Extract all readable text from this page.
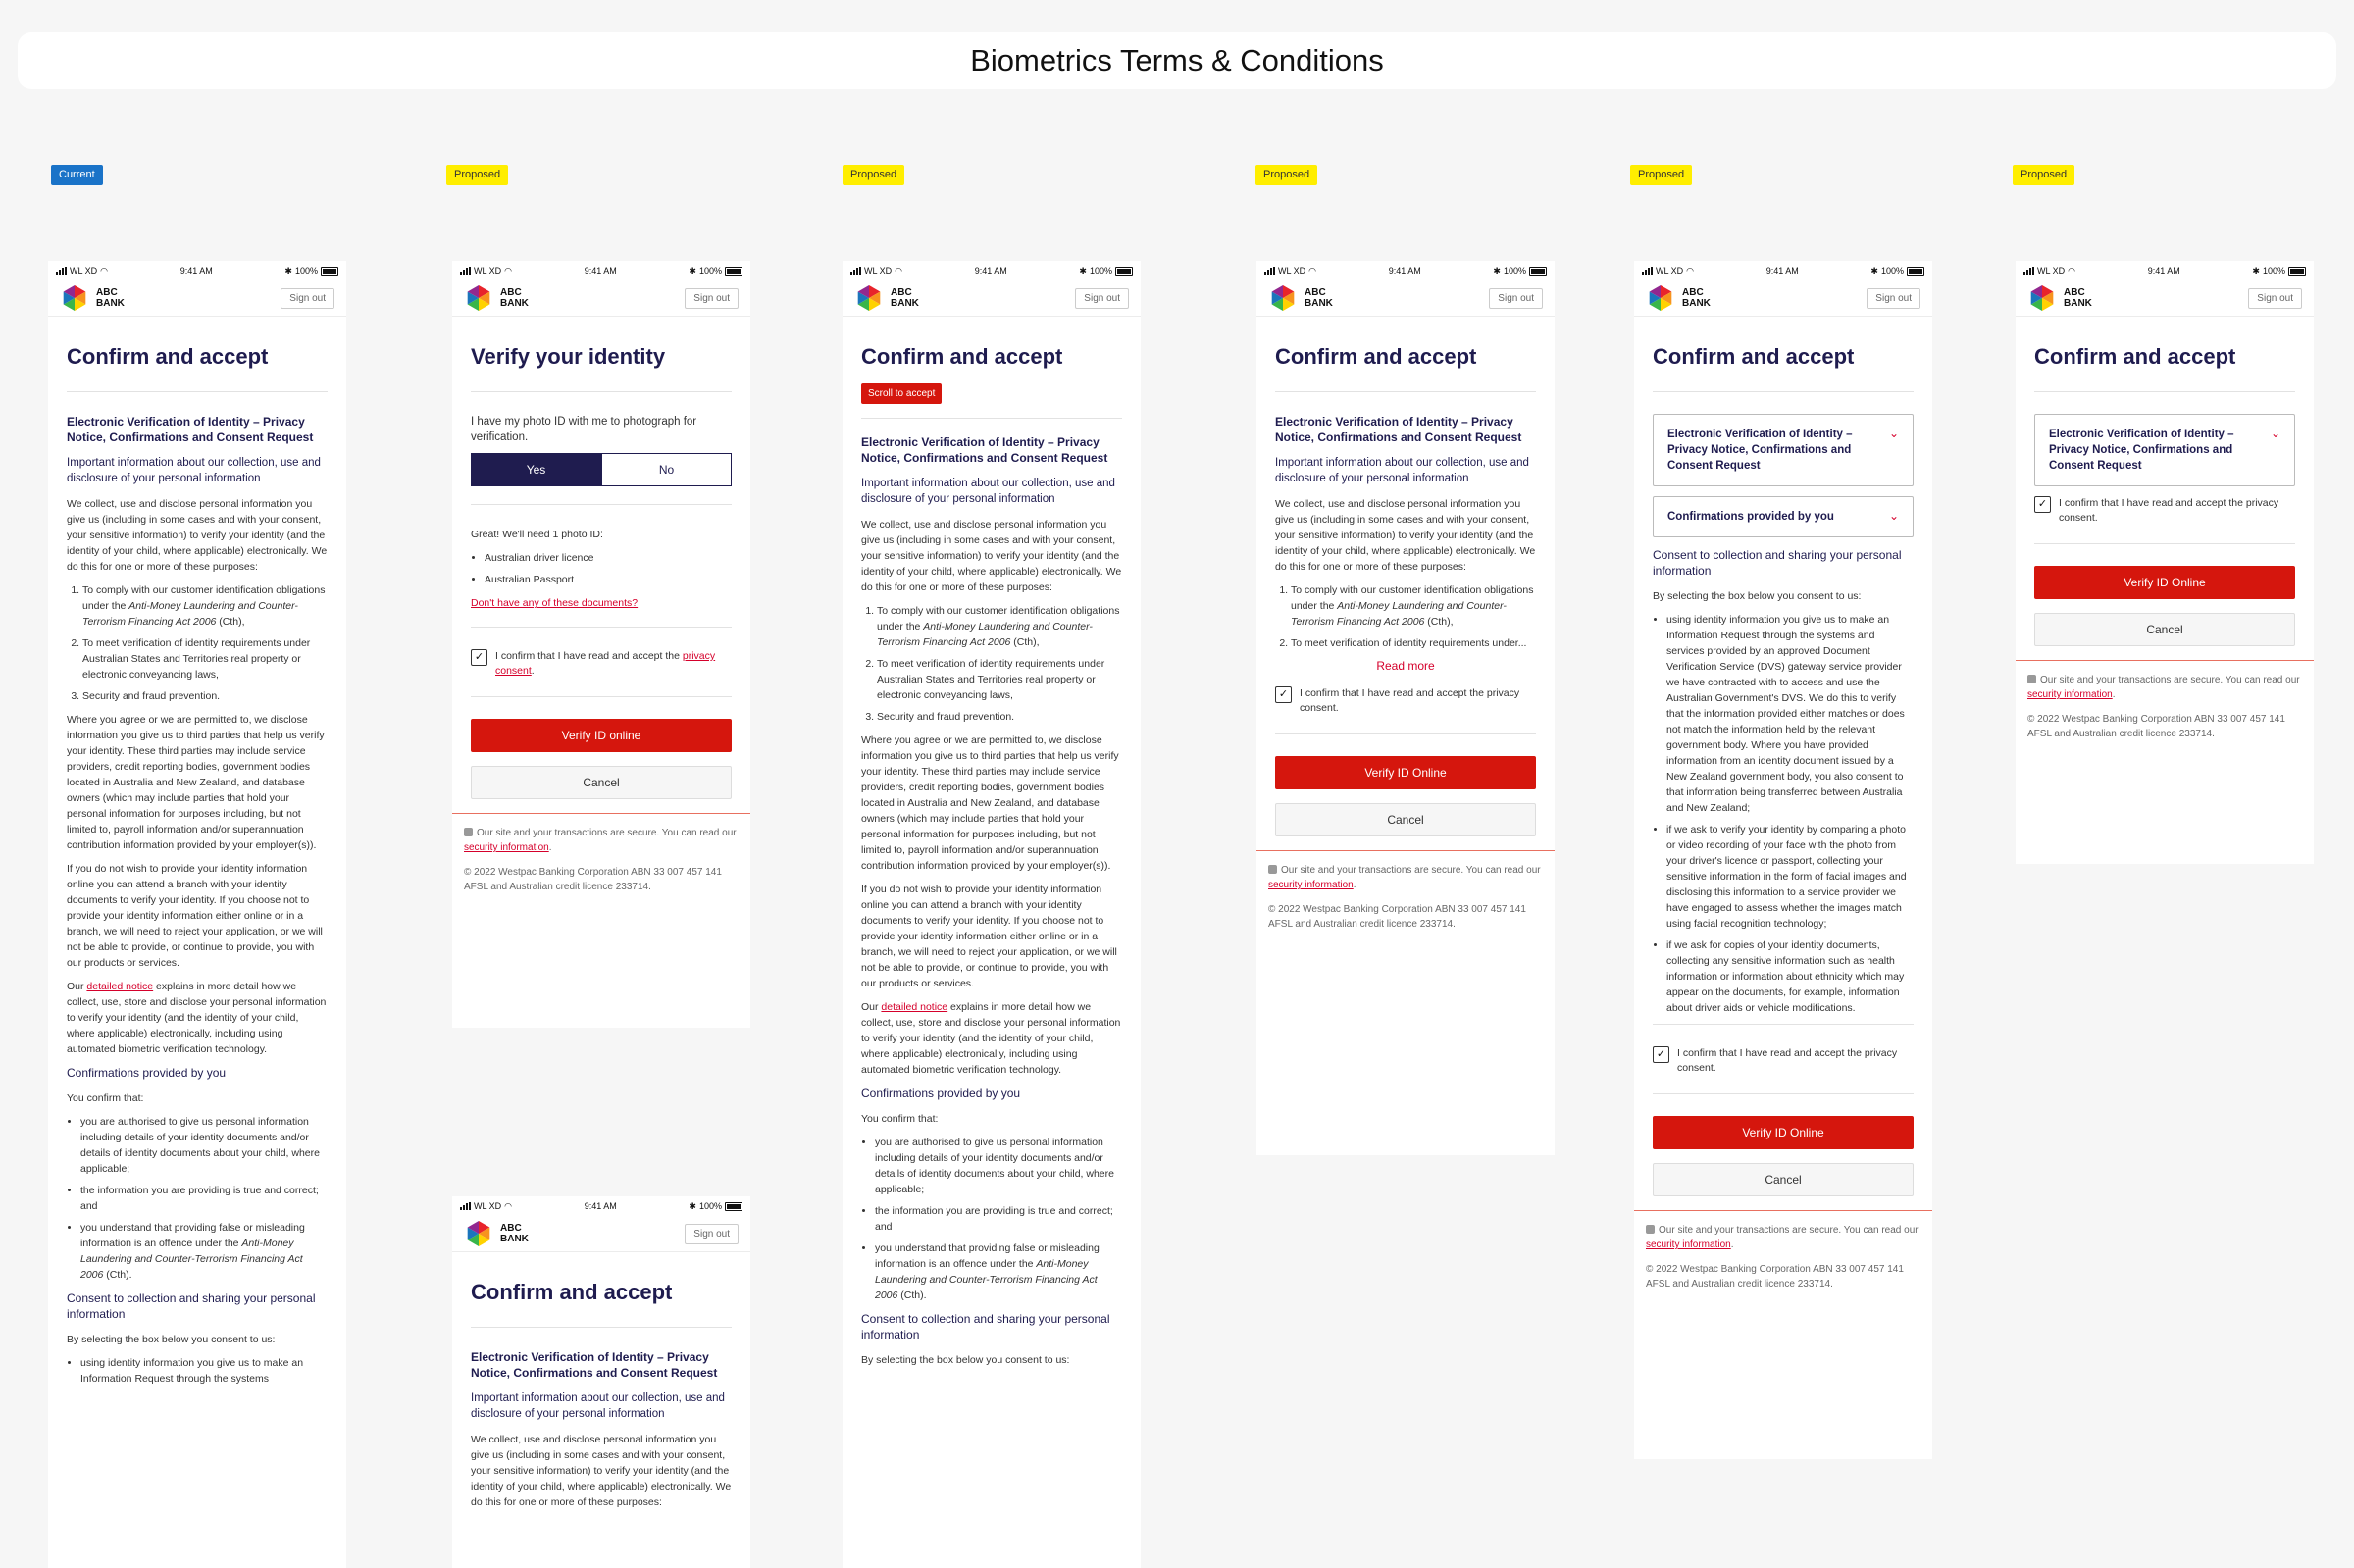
Biometrics Terms & Conditions
Current	Proposed	Proposed	Proposed	Proposed	Proposed
WL XD ◠	9:41 AM	✱ 100%
ABC
BANK	Sign out
Confirm and accept
Electronic Verification of Identity – Privacy Notice, Confirmations and Consent Request
Important information about our collection, use and disclosure of your personal information
We collect, use and disclose personal information you give us (including in some cases and with your consent, your sensitive information) to verify your identity (and the identity of your child, where applicable) electronically. We do this for one or more of these purposes:
1. To comply with our customer identification obligations under the Anti-Money Laundering and Counter-Terrorism Financing Act 2006 (Cth),
2. To meet verification of identity requirements under Australian States and Territories real property or electronic conveyancing laws,
3. Security and fraud prevention.
Where you agree or we are permitted to, we disclose information you give us to third parties that help us verify your identity. These third parties may include service providers, credit reporting bodies, government bodies located in Australia and New Zealand, and database owners (which may include parties that hold your personal information for purposes including, but not limited to, payroll information and/or superannuation contribution information provided by your employer(s)).
If you do not wish to provide your identity information online you can attend a branch with your identity documents to verify your identity. If you choose not to provide your identity information either online or in a branch, we will need to reject your application, or we will not be able to provide, or continue to provide, you with our products or services.
Our detailed notice explains in more detail how we collect, use, store and disclose your personal information to verify your identity (and the identity of your child, where applicable) electronically, including using automated biometric verification technology.
Confirmations provided by you
You confirm that:
• you are authorised to give us personal information including details of your identity documents and/or details of identity documents about your child, where applicable;
• the information you are providing is true and correct; and
• you understand that providing false or misleading information is an offence under the Anti-Money Laundering and Counter-Terrorism Financing Act 2006 (Cth).
Consent to collection and sharing your personal information
By selecting the box below you consent to us:
• using identity information you give us to make an Information Request through the systems
WL XD ◠	9:41 AM	✱ 100%
ABC
BANK	Sign out
Verify your identity
I have my photo ID with me to photograph for verification.
Yes	No
Great! We'll need 1 photo ID:
• Australian driver licence
• Australian Passport
Don't have any of these documents?
✓	I confirm that I have read and accept the privacy consent.
Verify ID online
Cancel
Our site and your transactions are secure. You can read our security information.
© 2022 Westpac Banking Corporation ABN 33 007 457 141 AFSL and Australian credit licence 233714.
WL XD ◠	9:41 AM	✱ 100%
ABC
BANK	Sign out
Confirm and accept
Electronic Verification of Identity – Privacy Notice, Confirmations and Consent Request
Important information about our collection, use and disclosure of your personal information
We collect, use and disclose personal information you give us (including in some cases and with your consent, your sensitive information) to verify your identity (and the identity of your child, where applicable) electronically. We do this for one or more of these purposes:
WL XD ◠	9:41 AM	✱ 100%
ABC
BANK	Sign out
Confirm and accept
Scroll to accept
Electronic Verification of Identity – Privacy Notice, Confirmations and Consent Request
Important information about our collection, use and disclosure of your personal information
We collect, use and disclose personal information you give us (including in some cases and with your consent, your sensitive information) to verify your identity (and the identity of your child, where applicable) electronically. We do this for one or more of these purposes:
1. To comply with our customer identification obligations under the Anti-Money Laundering and Counter-Terrorism Financing Act 2006 (Cth),
2. To meet verification of identity requirements under Australian States and Territories real property or electronic conveyancing laws,
3. Security and fraud prevention.
Where you agree or we are permitted to, we disclose information you give us to third parties that help us verify your identity. These third parties may include service providers, credit reporting bodies, government bodies located in Australia and New Zealand, and database owners (which may include parties that hold your personal information for purposes including, but not limited to, payroll information and/or superannuation contribution information provided by your employer(s)).
If you do not wish to provide your identity information online you can attend a branch with your identity documents to verify your identity. If you choose not to provide your identity information either online or in a branch, we will need to reject your application, or we will not be able to provide, or continue to provide, you with our products or services.
Our detailed notice explains in more detail how we collect, use, store and disclose your personal information to verify your identity (and the identity of your child, where applicable) electronically, including using automated biometric verification technology.
Confirmations provided by you
You confirm that:
• you are authorised to give us personal information including details of your identity documents and/or details of identity documents about your child, where applicable;
• the information you are providing is true and correct; and
• you understand that providing false or misleading information is an offence under the Anti-Money Laundering and Counter-Terrorism Financing Act 2006 (Cth).
Consent to collection and sharing your personal information
By selecting the box below you consent to us:
WL XD ◠	9:41 AM	✱ 100%
ABC
BANK	Sign out
Confirm and accept
Electronic Verification of Identity – Privacy Notice, Confirmations and Consent Request
Important information about our collection, use and disclosure of your personal information
We collect, use and disclose personal information you give us (including in some cases and with your consent, your sensitive information) to verify your identity (and the identity of your child, where applicable) electronically. We do this for one or more of these purposes:
1. To comply with our customer identification obligations under the Anti-Money Laundering and Counter-Terrorism Financing Act 2006 (Cth),
2. To meet verification of identity requirements under...
Read more
✓	I confirm that I have read and accept the privacy consent.
Verify ID Online
Cancel
Our site and your transactions are secure. You can read our security information.
© 2022 Westpac Banking Corporation ABN 33 007 457 141 AFSL and Australian credit licence 233714.
WL XD ◠	9:41 AM	✱ 100%
ABC
BANK	Sign out
Confirm and accept
Electronic Verification of Identity – Privacy Notice, Confirmations and Consent Request
⌄
Confirmations provided by you	⌄
Consent to collection and sharing your personal information
By selecting the box below you consent to us:
• using identity information you give us to make an Information Request through the systems and services provided by an approved Document Verification Service (DVS) gateway service provider we have contracted with to access and use the Australian Government's DVS. We do this to verify that the information provided either matches or does not match the information held by the relevant government body. Where you have provided information from an identity document issued by a New Zealand government body, you also consent to that information being transferred between Australia and New Zealand;
• if we ask to verify your identity by comparing a photo or video recording of your face with the photo from your driver's licence or passport, collecting your sensitive information in the form of facial images and disclosing this information to a service provider we have engaged to assess whether the images match using facial recognition technology;
• if we ask for copies of your identity documents, collecting any sensitive information such as health information or information about ethnicity which may appear on the documents, for example, information about driver aids or vehicle modifications.
✓	I confirm that I have read and accept the privacy consent.
Verify ID Online
Cancel
Our site and your transactions are secure. You can read our security information.
© 2022 Westpac Banking Corporation ABN 33 007 457 141 AFSL and Australian credit licence 233714.
WL XD ◠	9:41 AM	✱ 100%
ABC
BANK	Sign out
Confirm and accept
Electronic Verification of Identity – Privacy Notice, Confirmations and Consent Request
⌄
✓	I confirm that I have read and accept the privacy consent.
Verify ID Online
Cancel
Our site and your transactions are secure. You can read our security information.
© 2022 Westpac Banking Corporation ABN 33 007 457 141 AFSL and Australian credit licence 233714.
